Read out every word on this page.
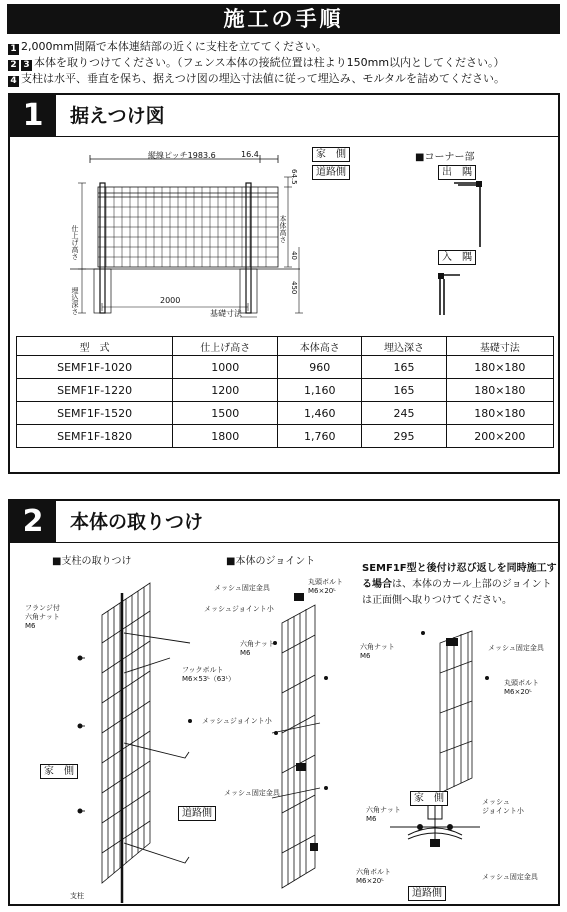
施工の手順
1 2,000mm間隔で本体連結部の近くに支柱を立ててください。
2 3 本体を取りつけてください。（フェンス本体の接続位置は柱より150mm以内としてください。）
4 支柱は水平、垂直を保ち、据えつけ図の埋込寸法値に従って埋込み、モルタルを詰めてください。
1	据えつけ図
縦線ピッチ1983.6	16.4
64.5
仕上げ高さ	本体高さ
40
450
埋込深さ	2000
基礎寸法
家　側
道路側
■コーナー部
出　隅
入　隅
型　式	仕上げ高さ	本体高さ	埋込深さ	基礎寸法
SEMF1F-1020	1000	960	165	180×180
SEMF1F-1220	1200	1,160	165	180×180
SEMF1F-1520	1500	1,460	245	180×180
SEMF1F-1820	1800	1,760	295	200×200
2	本体の取りつけ
■支柱の取りつけ	■本体のジョイント
フランジ付
六角ナット
M6
フックボルト
M6×53ᴸ（63ᴸ）
家　側
道路側
支柱
メッシュ固定金具
丸頭ボルト
M6×20ᴸ
メッシュジョイント小
六角ナット
M6
メッシュジョイント小
メッシュ固定金具
SEMF1F型と後付け忍び返しを同時施工する場合は、本体のカール上部のジョイントは正面側へ取りつけてください。
六角ナット
M6
メッシュ固定金具
丸頭ボルト
M6×20ᴸ
家　側	メッシュ
ジョイント小
六角ナット
M6
六角ボルト
M6×20ᴸ
道路側
メッシュ固定金具
